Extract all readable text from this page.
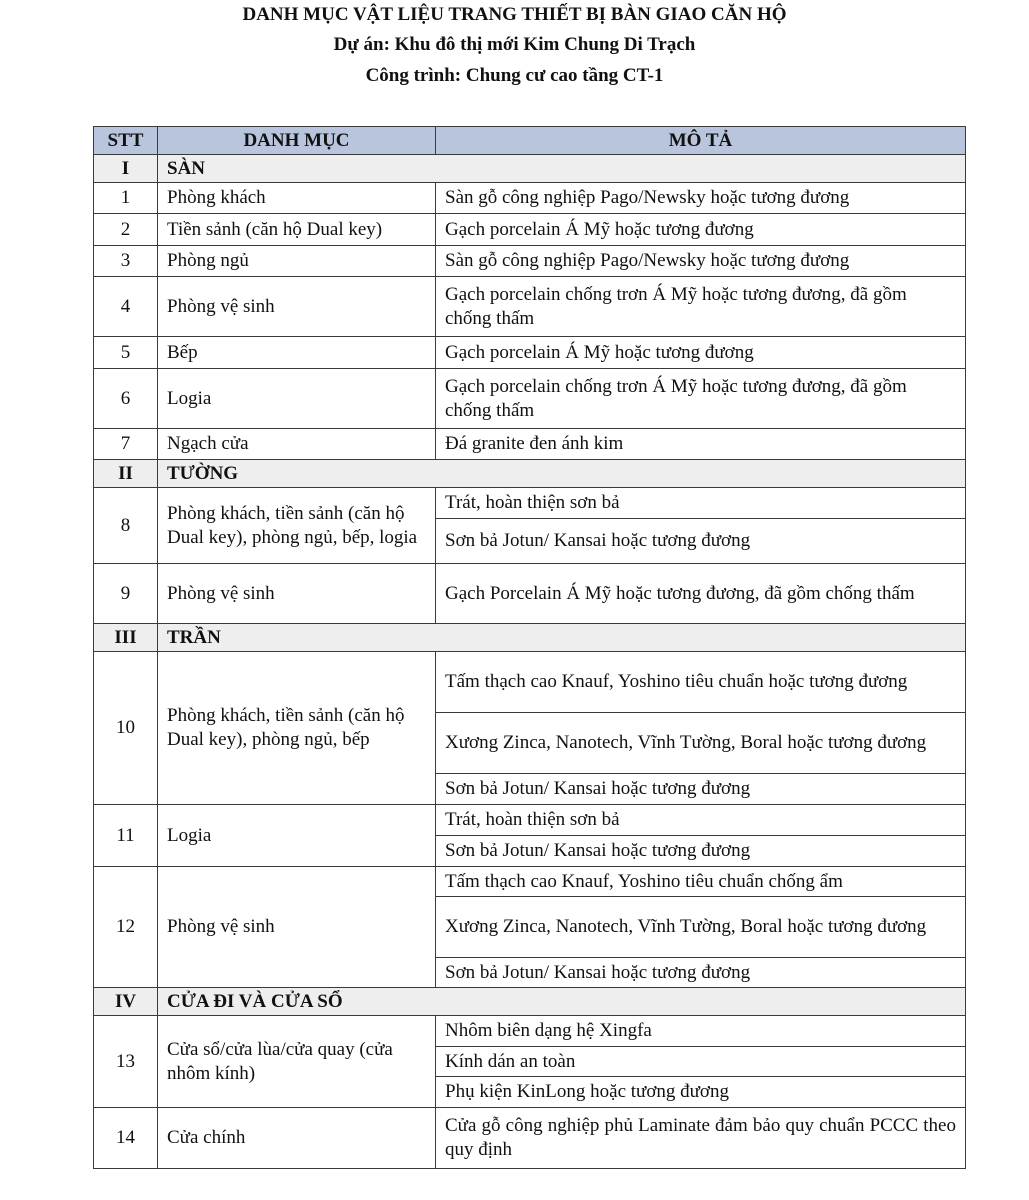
DANH MỤC VẬT LIỆU TRANG THIẾT BỊ BÀN GIAO CĂN HỘ
Dự án: Khu đô thị mới Kim Chung Di Trạch
Công trình: Chung cư cao tầng CT-1
STT	DANH MỤC	MÔ TẢ
I	SÀN	
1	Phòng khách	Sàn gỗ công nghiệp Pago/Newsky hoặc tương đương
2	Tiền sảnh (căn hộ Dual key)	Gạch porcelain Á Mỹ hoặc tương đương
3	Phòng ngủ	Sàn gỗ công nghiệp Pago/Newsky hoặc tương đương
4	Phòng vệ sinh	Gạch porcelain chống trơn Á Mỹ hoặc tương đương, đã gồm chống thấm
5	Bếp	Gạch porcelain Á Mỹ hoặc tương đương
6	Logia	Gạch porcelain chống trơn Á Mỹ hoặc tương đương, đã gồm chống thấm
7	Ngạch cửa	Đá granite đen ánh kim
II	TƯỜNG	
8	Phòng khách, tiền sảnh (căn hộ Dual key), phòng ngủ, bếp, logia	Trát, hoàn thiện sơn bả
		Sơn bả Jotun/ Kansai hoặc tương đương
9	Phòng vệ sinh	Gạch Porcelain Á Mỹ hoặc tương đương, đã gồm chống thấm
III	TRẦN	
10	Phòng khách, tiền sảnh (căn hộ Dual key), phòng ngủ, bếp	Tấm thạch cao Knauf, Yoshino tiêu chuẩn hoặc tương đương
		Xương Zinca, Nanotech, Vĩnh Tường, Boral hoặc tương đương
		Sơn bả Jotun/ Kansai hoặc tương đương
11	Logia	Trát, hoàn thiện sơn bả
		Sơn bả Jotun/ Kansai hoặc tương đương
12	Phòng vệ sinh	Tấm thạch cao Knauf, Yoshino tiêu chuẩn chống ẩm
		Xương Zinca, Nanotech, Vĩnh Tường, Boral hoặc tương đương
		Sơn bả Jotun/ Kansai hoặc tương đương
IV	CỬA ĐI VÀ CỬA SỔ	
13	Cửa sổ/cửa lùa/cửa quay (cửa nhôm kính)	Nhôm biên dạng hệ Xingfa
		Kính dán an toàn
		Phụ kiện KinLong hoặc tương đương
14	Cửa chính	Cửa gỗ công nghiệp phủ Laminate đảm bảo quy chuẩn PCCC theo quy định
